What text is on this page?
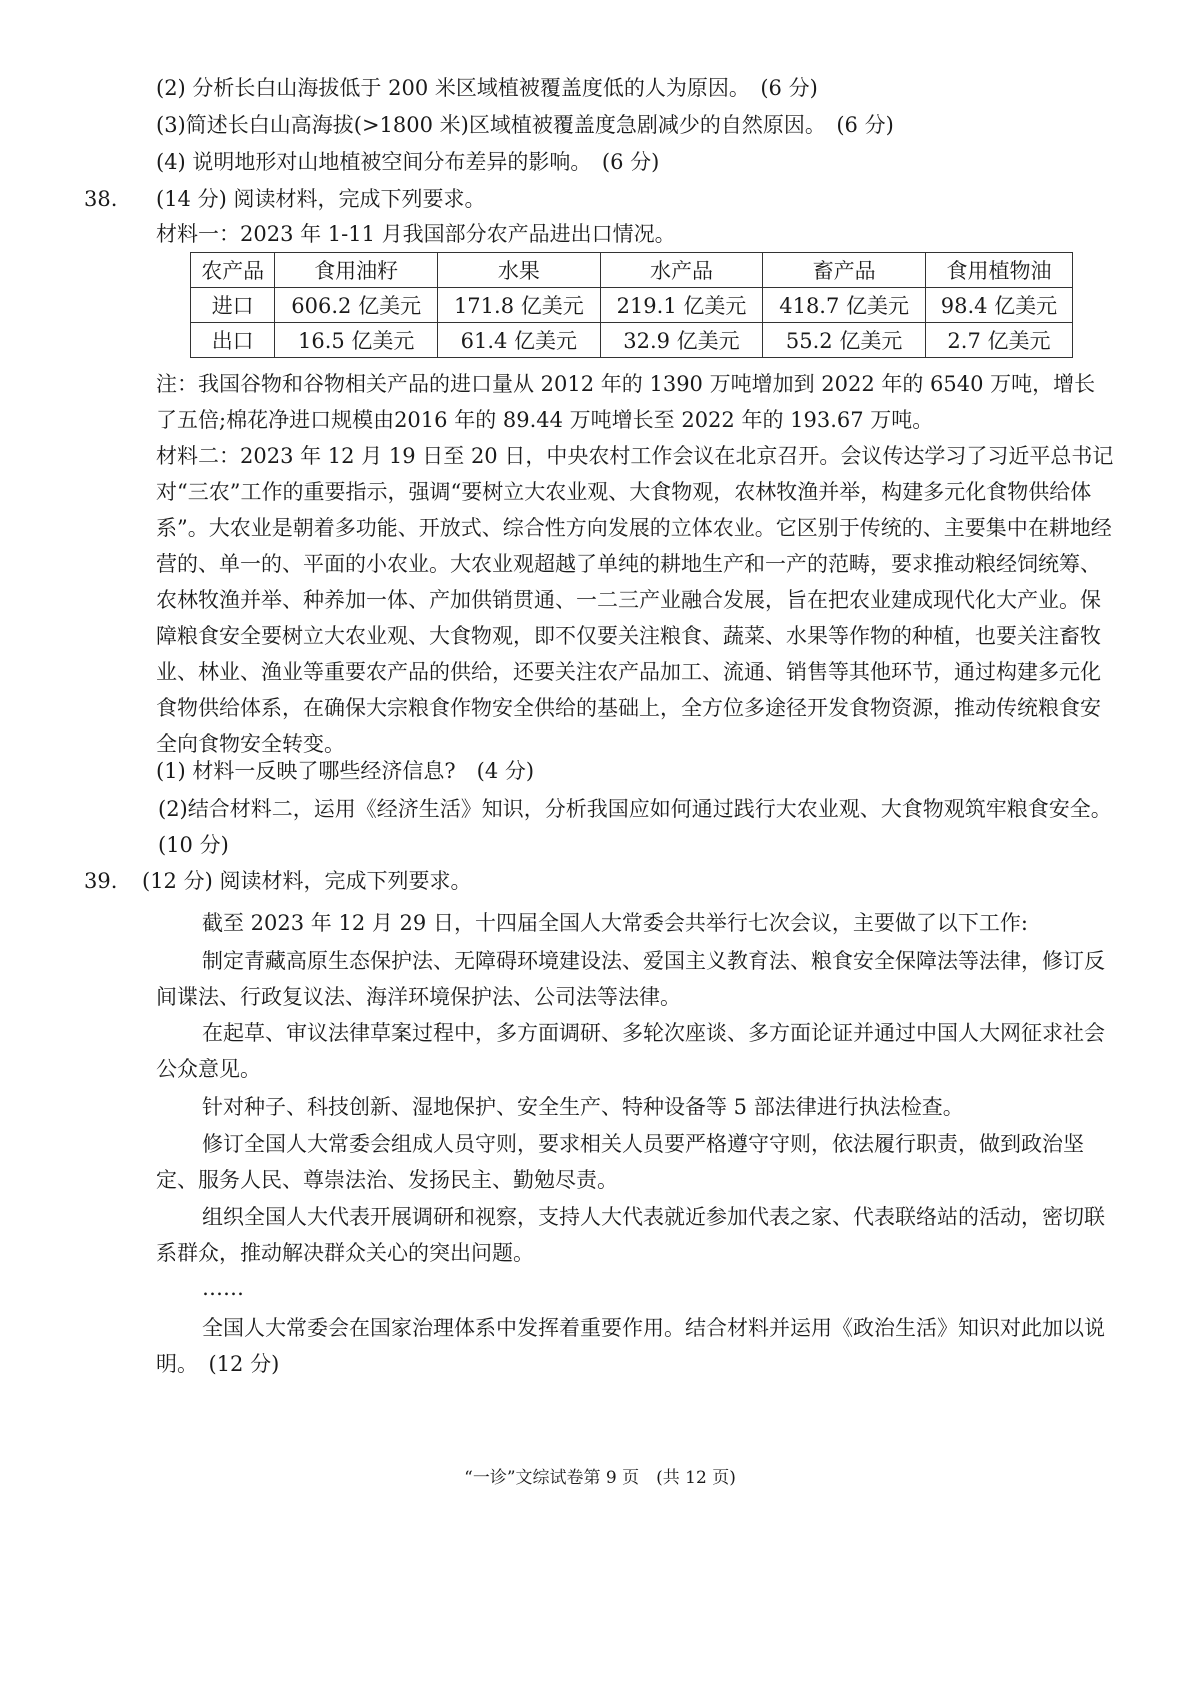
(2) 分析长白山海拔低于 200 米区域植被覆盖度低的人为原因。　(6 分)
(3)简述长白山高海拔(>1800 米)区域植被覆盖度急剧减少的自然原因。　(6 分)
(4) 说明地形对山地植被空间分布差异的影响。　(6 分)
38. (14 分) 阅读材料，完成下列要求。
材料一：2023 年 1-11 月我国部分农产品进出口情况。
农产品	食用油籽	水果	水产品	畜产品	食用植物油
进口	606.2 亿美元	171.8 亿美元	219.1 亿美元	418.7 亿美元	98.4 亿美元
出口	16.5 亿美元	61.4 亿美元	32.9 亿美元	55.2 亿美元	2.7 亿美元
注：我国谷物和谷物相关产品的进口量从 2012 年的 1390 万吨增加到 2022 年的 6540 万吨，增长了五倍;棉花净进口规模由2016 年的 89.44 万吨增长至 2022 年的 193.67 万吨。
材料二：2023 年 12 月 19 日至 20 日，中央农村工作会议在北京召开。会议传达学习了习近平总书记对“三农”工作的重要指示，强调“要树立大农业观、大食物观，农林牧渔并举，构建多元化食物供给体系”。大农业是朝着多功能、开放式、综合性方向发展的立体农业。它区别于传统的、主要集中在耕地经营的、单一的、平面的小农业。大农业观超越了单纯的耕地生产和一产的范畴，要求推动粮经饲统筹、农林牧渔并举、种养加一体、产加供销贯通、一二三产业融合发展，旨在把农业建成现代化大产业。保障粮食安全要树立大农业观、大食物观，即不仅要关注粮食、蔬菜、水果等作物的种植，也要关注畜牧业、林业、渔业等重要农产品的供给，还要关注农产品加工、流通、销售等其他环节，通过构建多元化食物供给体系，在确保大宗粮食作物安全供给的基础上，全方位多途径开发食物资源，推动传统粮食安全向食物安全转变。
(1) 材料一反映了哪些经济信息?　(4 分)
(2)结合材料二，运用《经济生活》知识，分析我国应如何通过践行大农业观、大食物观筑牢粮食安全。　(10 分)
39. (12 分) 阅读材料，完成下列要求。
截至 2023 年 12 月 29 日，十四届全国人大常委会共举行七次会议，主要做了以下工作:
制定青藏高原生态保护法、无障碍环境建设法、爱国主义教育法、粮食安全保障法等法律，修订反间谍法、行政复议法、海洋环境保护法、公司法等法律。
在起草、审议法律草案过程中，多方面调研、多轮次座谈、多方面论证并通过中国人大网征求社会公众意见。
针对种子、科技创新、湿地保护、安全生产、特种设备等 5 部法律进行执法检查。
修订全国人大常委会组成人员守则，要求相关人员要严格遵守守则，依法履行职责，做到政治坚定、服务人民、尊崇法治、发扬民主、勤勉尽责。
组织全国人大代表开展调研和视察，支持人大代表就近参加代表之家、代表联络站的活动，密切联系群众，推动解决群众关心的突出问题。
……
全国人大常委会在国家治理体系中发挥着重要作用。结合材料并运用《政治生活》知识对此加以说明。　(12 分)
“一诊”文综试卷第 9 页　(共 12 页)
